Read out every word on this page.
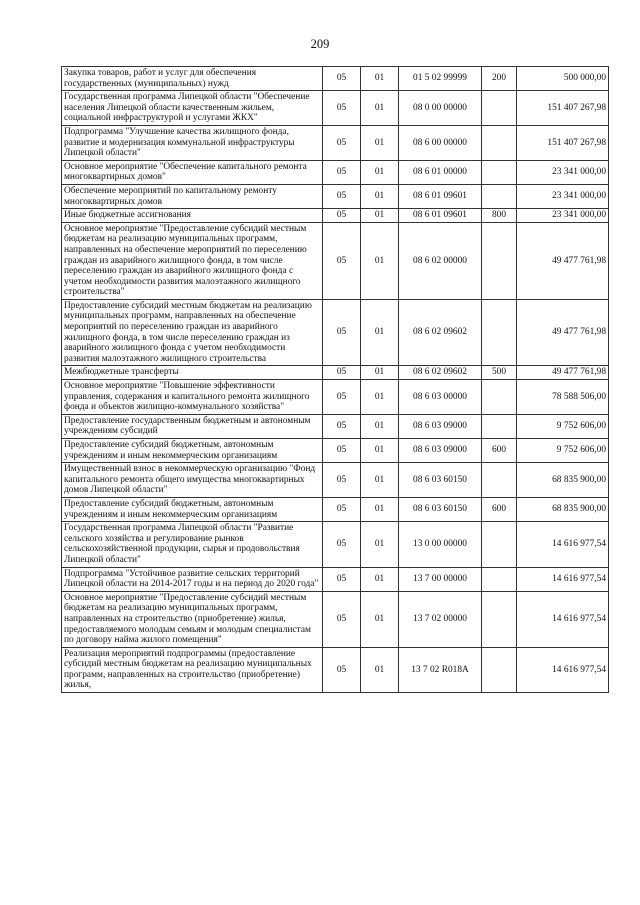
209
Закупка товаров, работ и услуг для обеспечения государственных (муниципальных) нужд	05	01	01 5 02 99999	200	500 000,00
Государственная программа Липецкой области "Обеспечение населения Липецкой области качественным жильем, социальной инфраструктурой и услугами ЖКХ"	05	01	08 0 00 00000		151 407 267,98
Подпрограмма "Улучшение качества жилищного фонда, развитие и модернизация коммунальной инфраструктуры Липецкой области"	05	01	08 6 00 00000		151 407 267,98
Основное мероприятие "Обеспечение капитального ремонта многоквартирных домов"	05	01	08 6 01 00000		23 341 000,00
Обеспечение мероприятий по капитальному ремонту многоквартирных домов	05	01	08 6 01 09601		23 341 000,00
Иные бюджетные ассигнования	05	01	08 6 01 09601	800	23 341 000,00
Основное мероприятие "Предоставление субсидий местным бюджетам на реализацию муниципальных программ, направленных на обеспечение мероприятий по переселению граждан из аварийного жилищного фонда, в том числе переселению граждан из аварийного жилищного фонда с учетом необходимости развития малоэтажного жилищного строительства"	05	01	08 6 02 00000		49 477 761,98
Предоставление субсидий местным бюджетам на реализацию муниципальных программ, направленных на обеспечение мероприятий по переселению граждан из аварийного жилищного фонда, в том числе переселению граждан из аварийного жилищного фонда с учетом необходимости развития малоэтажного жилищного строительства	05	01	08 6 02 09602		49 477 761,98
Межбюджетные трансферты	05	01	08 6 02 09602	500	49 477 761,98
Основное мероприятие "Повышение эффективности управления, содержания и капитального ремонта жилищного фонда и объектов жилищно-коммунального хозяйства"	05	01	08 6 03 00000		78 588 506,00
Предоставление государственным бюджетным и автономным учреждениям субсидий	05	01	08 6 03 09000		9 752 606,00
Предоставление субсидий бюджетным, автономным учреждениям и иным некоммерческим организациям	05	01	08 6 03 09000	600	9 752 606,00
Имущественный взнос в некоммерческую организацию "Фонд капитального ремонта общего имущества многоквартирных домов Липецкой области"	05	01	08 6 03 60150		68 835 900,00
Предоставление субсидий бюджетным, автономным учреждениям и иным некоммерческим организациям	05	01	08 6 03 60150	600	68 835 900,00
Государственная программа Липецкой области "Развитие сельского хозяйства и регулирование рынков сельскохозяйственной продукции, сырья и продовольствия Липецкой области"	05	01	13 0 00 00000		14 616 977,54
Подпрограмма "Устойчивое развитие сельских территорий Липецкой области на 2014-2017 годы и на период до 2020 года"	05	01	13 7 00 00000		14 616 977,54
Основное мероприятие "Предоставление субсидий местным бюджетам на реализацию муниципальных программ, направленных на строительство (приобретение) жилья, предоставляемого молодым семьям и молодым специалистам по договору найма жилого помещения"	05	01	13 7 02 00000		14 616 977,54
Реализация мероприятий подпрограммы (предоставление субсидий местным бюджетам на реализацию муниципальных программ, направленных на строительство (приобретение) жилья,	05	01	13 7 02 R018A		14 616 977,54
